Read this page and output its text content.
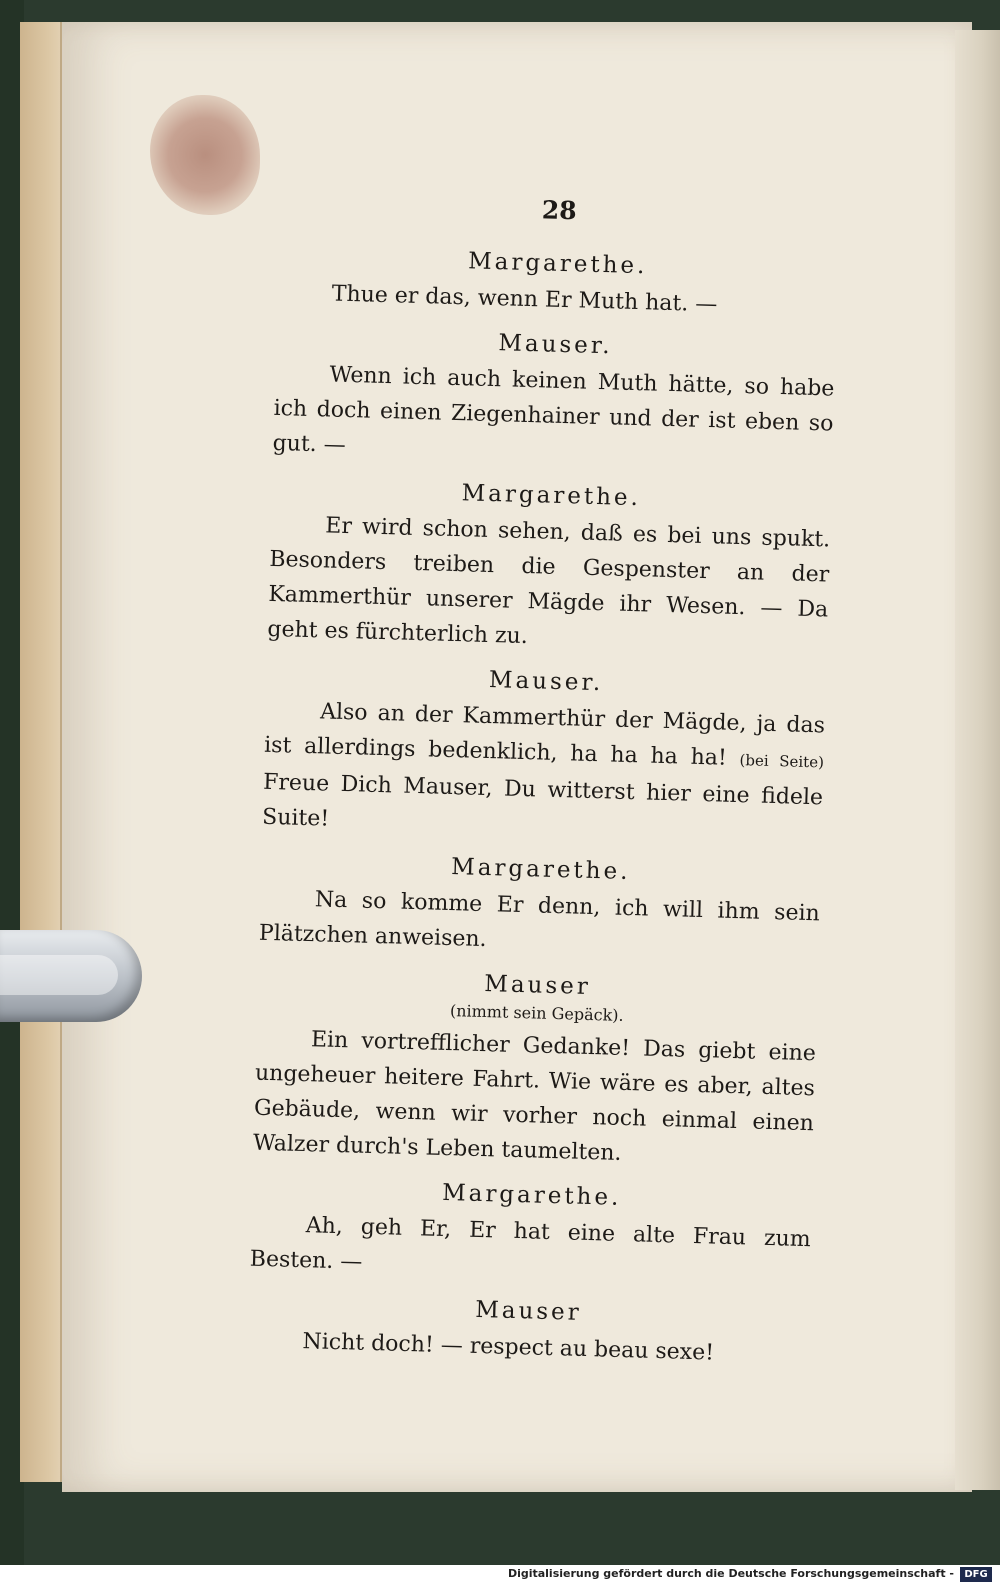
28
Margarethe.

Thue er das, wenn Er Muth hat. —

Mauser.

Wenn ich auch keinen Muth hätte, so habe ich doch einen Ziegenhainer und der ist eben so gut. —

Margarethe.

Er wird schon sehen, daß es bei uns spukt. Besonders treiben die Gespenster an der Kammerthür unserer Mägde ihr Wesen. — Da geht es fürchterlich zu.

Mauser.

Also an der Kammerthür der Mägde, ja das ist allerdings bedenklich, ha ha ha ha! (bei Seite) Freue Dich Mauser, Du witterst hier eine fidele Suite!

Margarethe.

Na so komme Er denn, ich will ihm sein Plätzchen anweisen.

Mauser
(nimmt sein Gepäck).

Ein vortrefflicher Gedanke! Das giebt eine ungeheuer heitere Fahrt. Wie wäre es aber, altes Gebäude, wenn wir vorher noch einmal einen Walzer durch's Leben taumelten.

Margarethe.

Ah, geh Er, Er hat eine alte Frau zum Besten. —

Mauser

Nicht doch! — respect au beau sexe!

Digitalisierung gefördert durch die Deutsche Forschungsgemeinschaft -	DFG
